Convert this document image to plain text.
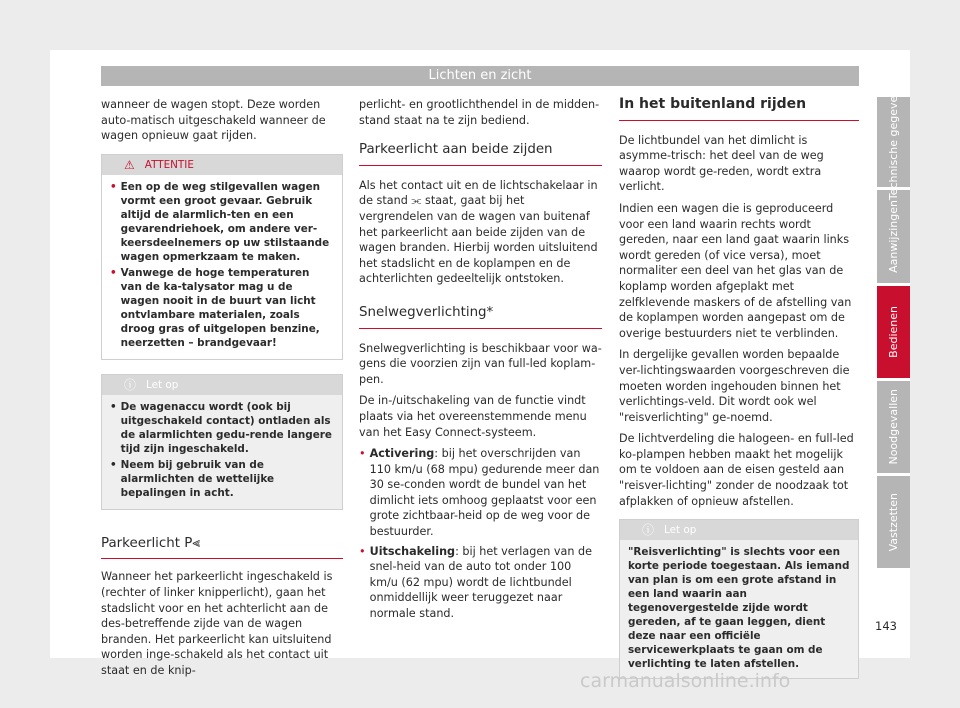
Lichten en zicht

wanneer de wagen stopt. Deze worden auto-matisch uitgeschakeld wanneer de wagen opnieuw gaat rijden.

⚠ ATTENTIE
• Een op de weg stilgevallen wagen vormt een groot gevaar. Gebruik altijd de alarmlich-ten en een gevarendriehoek, om andere ver-keersdeelnemers op uw stilstaande wagen opmerkzaam te maken.
• Vanwege de hoge temperaturen van de ka-talysator mag u de wagen nooit in de buurt van licht ontvlambare materialen, zoals droog gras of uitgelopen benzine, neerzetten – brandgevaar!
ⓘ Let op
• De wagenaccu wordt (ook bij uitgeschakeld contact) ontladen als de alarmlichten gedu-rende langere tijd zijn ingeschakeld.
• Neem bij gebruik van de alarmlichten de wettelijke bepalingen in acht.
Parkeerlicht P⫷

Wanneer het parkeerlicht ingeschakeld is (rechter of linker knipperlicht), gaan het stadslicht voor en het achterlicht aan de des-betreffende zijde van de wagen branden. Het parkeerlicht kan uitsluitend worden inge-schakeld als het contact uit staat en de knip-

perlicht- en grootlichthendel in de midden-stand staat na te zijn bediend.

Parkeerlicht aan beide zijden

Als het contact uit en de lichtschakelaar in de stand ⫘ staat, gaat bij het vergrendelen van de wagen van buitenaf het parkeerlicht aan beide zijden van de wagen branden. Hierbij worden uitsluitend het stadslicht en de koplampen en de achterlichten gedeeltelijk ontstoken.

Snelwegverlichting*

Snelwegverlichting is beschikbaar voor wa-gens die voorzien zijn van full-led koplam-pen.

De in-/uitschakeling van de functie vindt plaats via het overeenstemmende menu van het Easy Connect-systeem.

• Activering: bij het overschrijden van 110 km/u (68 mpu) gedurende meer dan 30 se-conden wordt de bundel van het dimlicht iets omhoog geplaatst voor een grote zichtbaar-heid op de weg voor de bestuurder.
• Uitschakeling: bij het verlagen van de snel-heid van de auto tot onder 100 km/u (62 mpu) wordt de lichtbundel onmiddellijk weer teruggezet naar normale stand.
In het buitenland rijden

De lichtbundel van het dimlicht is asymme-trisch: het deel van de weg waarop wordt ge-reden, wordt extra verlicht.

Indien een wagen die is geproduceerd voor een land waarin rechts wordt gereden, naar een land gaat waarin links wordt gereden (of vice versa), moet normaliter een deel van het glas van de koplamp worden afgeplakt met zelfklevende maskers of de afstelling van de koplampen worden aangepast om de overige bestuurders niet te verblinden.

In dergelijke gevallen worden bepaalde ver-lichtingswaarden voorgeschreven die moeten worden ingehouden binnen het verlichtings-veld. Dit wordt ook wel "reisverlichting" ge-noemd.

De lichtverdeling die halogeen- en full-led ko-plampen hebben maakt het mogelijk om te voldoen aan de eisen gesteld aan "reisver-lichting" zonder de noodzaak tot afplakken of opnieuw afstellen.

ⓘ Let op
"Reisverlichting" is slechts voor een korte periode toegestaan. Als iemand van plan is om een grote afstand in een land waarin aan tegenovergestelde zijde wordt gereden, af te gaan leggen, dient deze naar een officiële servicewerkplaats te gaan om de verlichting te laten afstellen.
Technische gegevens
Aanwijzingen
Bedienen
Noodgevallen
Vastzetten
143
carmanualsonline.info
